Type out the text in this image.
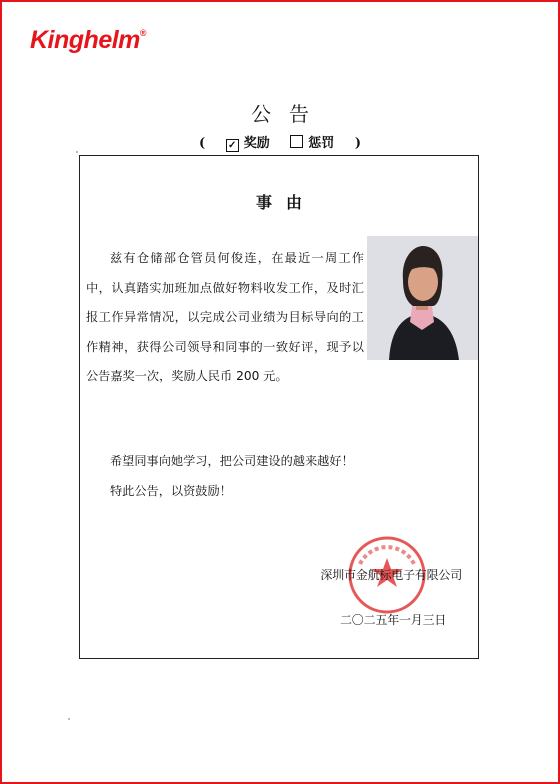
Kinghelm®
公告
( ✓ 奖励	惩罚 )
事由
兹有仓储部仓管员何俊连，在最近一周工作中，认真踏实加班加点做好物料收发工作，及时汇报工作异常情况，以完成公司业绩为目标导向的工作精神，获得公司领导和同事的一致好评，现予以公告嘉奖一次，奖励人民币 200 元。
希望同事向她学习，把公司建设的越来越好！
特此公告，以资鼓励！
深圳市金航标电子有限公司
二〇二五年一月三日
